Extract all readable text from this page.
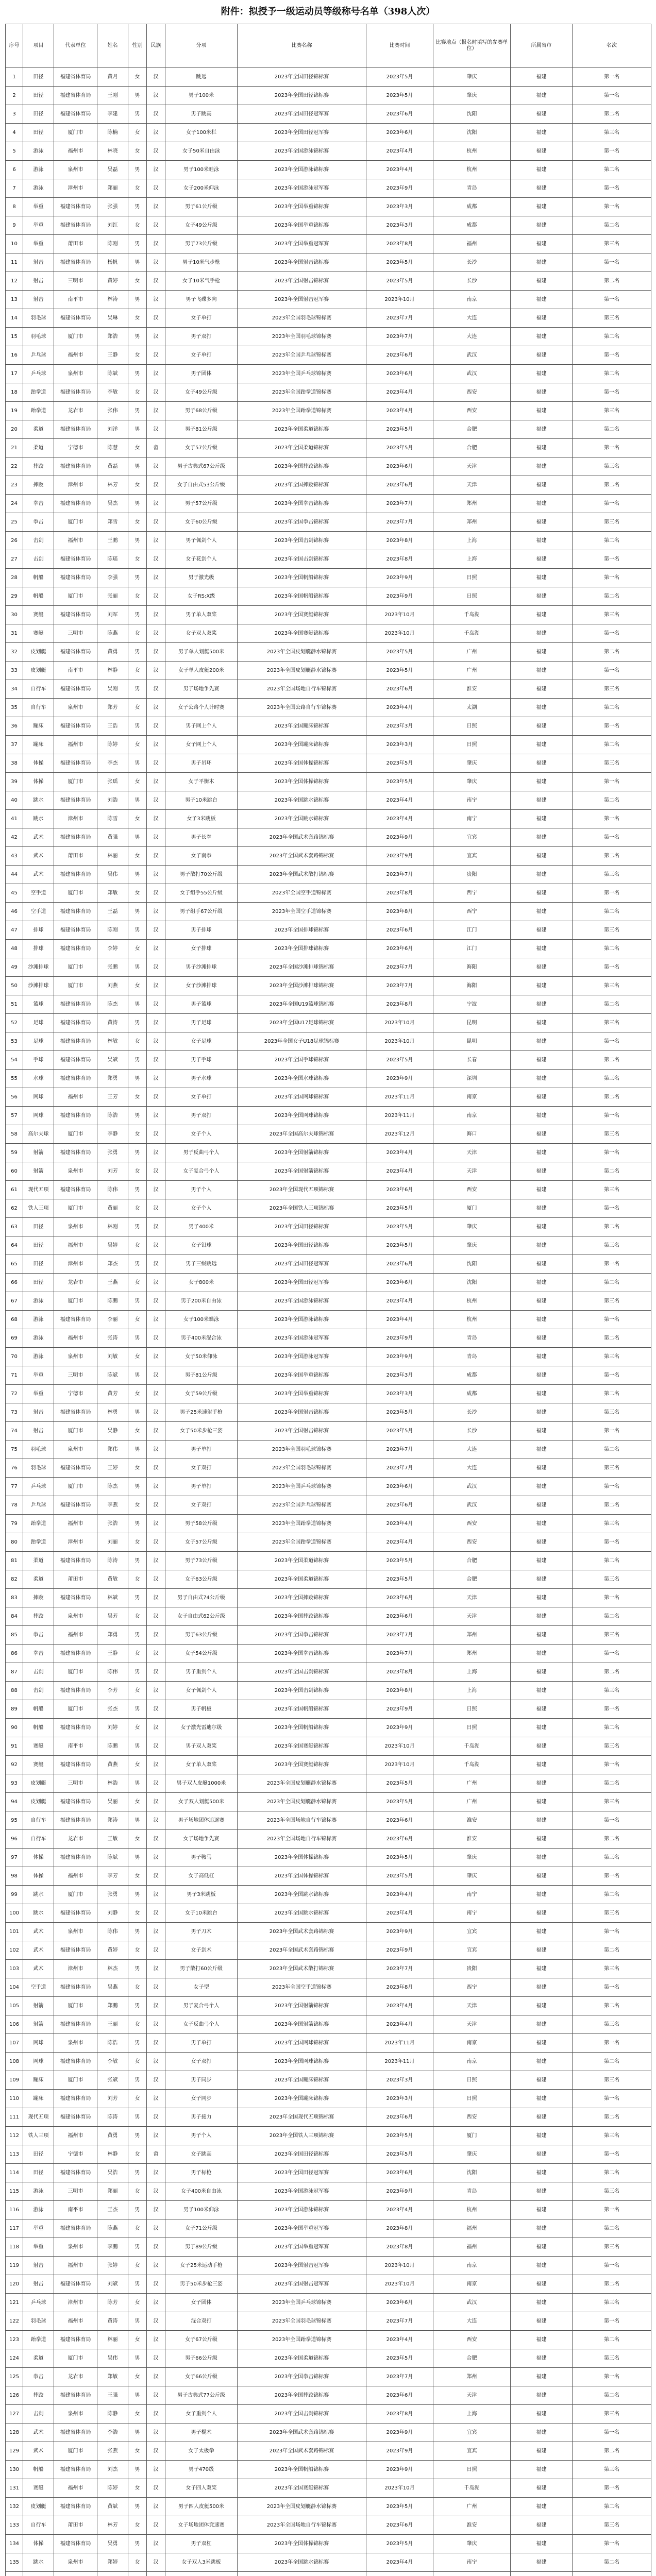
附件：拟授予一级运动员等级称号名单（398人次）
序号	项目	代表单位	姓名	性别	民族	分项	比赛名称	比赛时间	比赛地点（报名时填写的参赛单位）	所属省市	名次
1	田径	福建省体育局	黄月	女	汉	跳远	2023年全国田径锦标赛	2023年5月	肇庆	福建	第一名
2	田径	福建省体育局	王刚	男	汉	男子100米	2023年全国田径锦标赛	2023年5月	肇庆	福建	第一名
3	田径	福建省体育局	李建	男	汉	男子跳高	2023年全国田径冠军赛	2023年6月	沈阳	福建	第二名
4	田径	厦门市	陈楠	女	汉	女子100米栏	2023年全国田径冠军赛	2023年6月	沈阳	福建	第三名
5	游泳	福州市	林晓	女	汉	女子50米自由泳	2023年全国游泳锦标赛	2023年4月	杭州	福建	第一名
6	游泳	泉州市	吴磊	男	汉	男子100米蛙泳	2023年全国游泳锦标赛	2023年4月	杭州	福建	第二名
7	游泳	漳州市	郑丽	女	汉	女子200米仰泳	2023年全国游泳冠军赛	2023年9月	青岛	福建	第一名
8	举重	福建省体育局	张强	男	汉	男子61公斤级	2023年全国举重锦标赛	2023年3月	成都	福建	第一名
9	举重	福建省体育局	刘红	女	汉	女子49公斤级	2023年全国举重锦标赛	2023年3月	成都	福建	第二名
10	举重	莆田市	陈刚	男	汉	男子73公斤级	2023年全国举重冠军赛	2023年8月	福州	福建	第三名
11	射击	福建省体育局	杨帆	男	汉	男子10米气步枪	2023年全国射击锦标赛	2023年5月	长沙	福建	第一名
12	射击	三明市	黄婷	女	汉	女子10米气手枪	2023年全国射击锦标赛	2023年5月	长沙	福建	第二名
13	射击	南平市	林涛	男	汉	男子飞碟多向	2023年全国射击冠军赛	2023年10月	南京	福建	第一名
14	羽毛球	福建省体育局	吴琳	女	汉	女子单打	2023年全国羽毛球锦标赛	2023年7月	大连	福建	第三名
15	羽毛球	厦门市	郑浩	男	汉	男子双打	2023年全国羽毛球锦标赛	2023年7月	大连	福建	第二名
16	乒乓球	福州市	王静	女	汉	女子单打	2023年全国乒乓球锦标赛	2023年6月	武汉	福建	第一名
17	乒乓球	泉州市	陈斌	男	汉	男子团体	2023年全国乒乓球锦标赛	2023年6月	武汉	福建	第二名
18	跆拳道	福建省体育局	李敏	女	汉	女子49公斤级	2023年全国跆拳道锦标赛	2023年4月	西安	福建	第一名
19	跆拳道	龙岩市	张伟	男	汉	男子68公斤级	2023年全国跆拳道锦标赛	2023年4月	西安	福建	第三名
20	柔道	福建省体育局	刘洋	男	汉	男子81公斤级	2023年全国柔道锦标赛	2023年5月	合肥	福建	第二名
21	柔道	宁德市	陈慧	女	畲	女子57公斤级	2023年全国柔道锦标赛	2023年5月	合肥	福建	第一名
22	摔跤	福建省体育局	黄磊	男	汉	男子古典式67公斤级	2023年全国摔跤锦标赛	2023年6月	天津	福建	第三名
23	摔跤	漳州市	林芳	女	汉	女子自由式53公斤级	2023年全国摔跤锦标赛	2023年6月	天津	福建	第二名
24	拳击	福建省体育局	吴杰	男	汉	男子57公斤级	2023年全国拳击锦标赛	2023年7月	郑州	福建	第一名
25	拳击	厦门市	郑雪	女	汉	女子60公斤级	2023年全国拳击锦标赛	2023年7月	郑州	福建	第三名
26	击剑	福州市	王鹏	男	汉	男子佩剑个人	2023年全国击剑锦标赛	2023年8月	上海	福建	第二名
27	击剑	福建省体育局	陈瑶	女	汉	女子花剑个人	2023年全国击剑锦标赛	2023年8月	上海	福建	第一名
28	帆船	福建省体育局	李强	男	汉	男子激光级	2023年全国帆船锦标赛	2023年9月	日照	福建	第一名
29	帆船	厦门市	张丽	女	汉	女子RS:X级	2023年全国帆船锦标赛	2023年9月	日照	福建	第二名
30	赛艇	福建省体育局	刘军	男	汉	男子单人双桨	2023年全国赛艇锦标赛	2023年10月	千岛湖	福建	第三名
31	赛艇	三明市	陈燕	女	汉	女子双人双桨	2023年全国赛艇锦标赛	2023年10月	千岛湖	福建	第一名
32	皮划艇	福建省体育局	黄勇	男	汉	男子单人划艇500米	2023年全国皮划艇静水锦标赛	2023年5月	广州	福建	第二名
33	皮划艇	南平市	林静	女	汉	女子单人皮艇200米	2023年全国皮划艇静水锦标赛	2023年5月	广州	福建	第一名
34	自行车	福建省体育局	吴刚	男	汉	男子场地争先赛	2023年全国场地自行车锦标赛	2023年6月	淮安	福建	第三名
35	自行车	泉州市	郑芳	女	汉	女子公路个人计时赛	2023年全国公路自行车锦标赛	2023年4月	太湖	福建	第二名
36	蹦床	福建省体育局	王浩	男	汉	男子网上个人	2023年全国蹦床锦标赛	2023年3月	日照	福建	第一名
37	蹦床	福州市	陈婷	女	汉	女子网上个人	2023年全国蹦床锦标赛	2023年3月	日照	福建	第二名
38	体操	福建省体育局	李杰	男	汉	男子吊环	2023年全国体操锦标赛	2023年5月	肇庆	福建	第三名
39	体操	厦门市	张瑶	女	汉	女子平衡木	2023年全国体操锦标赛	2023年5月	肇庆	福建	第一名
40	跳水	福建省体育局	刘浩	男	汉	男子10米跳台	2023年全国跳水锦标赛	2023年4月	南宁	福建	第二名
41	跳水	漳州市	陈雪	女	汉	女子3米跳板	2023年全国跳水锦标赛	2023年4月	南宁	福建	第一名
42	武术	福建省体育局	黄强	男	汉	男子长拳	2023年全国武术套路锦标赛	2023年9月	宜宾	福建	第一名
43	武术	莆田市	林丽	女	汉	女子南拳	2023年全国武术套路锦标赛	2023年9月	宜宾	福建	第二名
44	武术	福建省体育局	吴伟	男	汉	男子散打70公斤级	2023年全国武术散打锦标赛	2023年7月	贵阳	福建	第三名
45	空手道	厦门市	郑敏	女	汉	女子组手55公斤级	2023年全国空手道锦标赛	2023年8月	西宁	福建	第一名
46	空手道	福建省体育局	王磊	男	汉	男子组手67公斤级	2023年全国空手道锦标赛	2023年8月	西宁	福建	第二名
47	排球	福建省体育局	陈刚	男	汉	男子排球	2023年全国排球锦标赛	2023年6月	江门	福建	第三名
48	排球	福建省体育局	李婷	女	汉	女子排球	2023年全国排球锦标赛	2023年6月	江门	福建	第二名
49	沙滩排球	厦门市	张鹏	男	汉	男子沙滩排球	2023年全国沙滩排球锦标赛	2023年7月	海阳	福建	第一名
50	沙滩排球	厦门市	刘燕	女	汉	女子沙滩排球	2023年全国沙滩排球锦标赛	2023年7月	海阳	福建	第三名
51	篮球	福建省体育局	陈杰	男	汉	男子篮球	2023年全国U19篮球锦标赛	2023年8月	宁波	福建	第二名
52	足球	福建省体育局	黄涛	男	汉	男子足球	2023年全国U17足球锦标赛	2023年10月	昆明	福建	第三名
53	足球	福建省体育局	林敏	女	汉	女子足球	2023年全国女子U18足球锦标赛	2023年10月	昆明	福建	第一名
54	手球	福建省体育局	吴斌	男	汉	男子手球	2023年全国手球锦标赛	2023年5月	长春	福建	第二名
55	水球	福建省体育局	郑勇	男	汉	男子水球	2023年全国水球锦标赛	2023年9月	深圳	福建	第三名
56	网球	福州市	王芳	女	汉	女子单打	2023年全国网球锦标赛	2023年11月	南京	福建	第二名
57	网球	福建省体育局	陈浩	男	汉	男子双打	2023年全国网球锦标赛	2023年11月	南京	福建	第一名
58	高尔夫球	厦门市	李静	女	汉	女子个人	2023年全国高尔夫球锦标赛	2023年12月	海口	福建	第三名
59	射箭	福建省体育局	张勇	男	汉	男子反曲弓个人	2023年全国射箭锦标赛	2023年4月	天津	福建	第一名
60	射箭	泉州市	刘芳	女	汉	女子复合弓个人	2023年全国射箭锦标赛	2023年4月	天津	福建	第二名
61	现代五项	福建省体育局	陈伟	男	汉	男子个人	2023年全国现代五项锦标赛	2023年6月	西安	福建	第三名
62	铁人三项	厦门市	黄丽	女	汉	女子个人	2023年全国铁人三项锦标赛	2023年5月	厦门	福建	第一名
63	田径	泉州市	林刚	男	汉	男子400米	2023年全国田径锦标赛	2023年5月	肇庆	福建	第二名
64	田径	福州市	吴婷	女	汉	女子铅球	2023年全国田径锦标赛	2023年5月	肇庆	福建	第三名
65	田径	漳州市	郑杰	男	汉	男子三级跳远	2023年全国田径冠军赛	2023年6月	沈阳	福建	第一名
66	田径	龙岩市	王燕	女	汉	女子800米	2023年全国田径冠军赛	2023年6月	沈阳	福建	第二名
67	游泳	厦门市	陈鹏	男	汉	男子200米自由泳	2023年全国游泳锦标赛	2023年4月	杭州	福建	第三名
68	游泳	福建省体育局	李丽	女	汉	女子100米蝶泳	2023年全国游泳锦标赛	2023年4月	杭州	福建	第一名
69	游泳	福州市	张涛	男	汉	男子400米混合泳	2023年全国游泳冠军赛	2023年9月	青岛	福建	第二名
70	游泳	泉州市	刘敏	女	汉	女子50米仰泳	2023年全国游泳冠军赛	2023年9月	青岛	福建	第三名
71	举重	三明市	陈斌	男	汉	男子81公斤级	2023年全国举重锦标赛	2023年3月	成都	福建	第一名
72	举重	宁德市	黄芳	女	汉	女子59公斤级	2023年全国举重锦标赛	2023年3月	成都	福建	第二名
73	射击	福建省体育局	林勇	男	汉	男子25米速射手枪	2023年全国射击锦标赛	2023年5月	长沙	福建	第三名
74	射击	厦门市	吴静	女	汉	女子50米步枪三姿	2023年全国射击锦标赛	2023年5月	长沙	福建	第一名
75	羽毛球	泉州市	郑伟	男	汉	男子单打	2023年全国羽毛球锦标赛	2023年7月	大连	福建	第二名
76	羽毛球	福建省体育局	王婷	女	汉	女子双打	2023年全国羽毛球锦标赛	2023年7月	大连	福建	第三名
77	乒乓球	厦门市	陈杰	男	汉	男子单打	2023年全国乒乓球锦标赛	2023年6月	武汉	福建	第一名
78	乒乓球	福建省体育局	李燕	女	汉	女子双打	2023年全国乒乓球锦标赛	2023年6月	武汉	福建	第二名
79	跆拳道	福州市	张浩	男	汉	男子58公斤级	2023年全国跆拳道锦标赛	2023年4月	西安	福建	第三名
80	跆拳道	漳州市	刘丽	女	汉	女子57公斤级	2023年全国跆拳道锦标赛	2023年4月	西安	福建	第一名
81	柔道	福建省体育局	陈涛	男	汉	男子73公斤级	2023年全国柔道锦标赛	2023年5月	合肥	福建	第二名
82	柔道	莆田市	黄敏	女	汉	女子63公斤级	2023年全国柔道锦标赛	2023年5月	合肥	福建	第三名
83	摔跤	福建省体育局	林斌	男	汉	男子自由式74公斤级	2023年全国摔跤锦标赛	2023年6月	天津	福建	第一名
84	摔跤	泉州市	吴芳	女	汉	女子自由式62公斤级	2023年全国摔跤锦标赛	2023年6月	天津	福建	第二名
85	拳击	福州市	郑勇	男	汉	男子63公斤级	2023年全国拳击锦标赛	2023年7月	郑州	福建	第三名
86	拳击	福建省体育局	王静	女	汉	女子54公斤级	2023年全国拳击锦标赛	2023年7月	郑州	福建	第一名
87	击剑	厦门市	陈伟	男	汉	男子重剑个人	2023年全国击剑锦标赛	2023年8月	上海	福建	第二名
88	击剑	福建省体育局	李芳	女	汉	女子佩剑个人	2023年全国击剑锦标赛	2023年8月	上海	福建	第三名
89	帆船	厦门市	张杰	男	汉	男子帆板	2023年全国帆船锦标赛	2023年9月	日照	福建	第一名
90	帆船	福建省体育局	刘婷	女	汉	女子激光雷迪尔级	2023年全国帆船锦标赛	2023年9月	日照	福建	第二名
91	赛艇	南平市	陈鹏	男	汉	男子双人双桨	2023年全国赛艇锦标赛	2023年10月	千岛湖	福建	第三名
92	赛艇	福建省体育局	黄燕	女	汉	女子单人双桨	2023年全国赛艇锦标赛	2023年10月	千岛湖	福建	第一名
93	皮划艇	三明市	林浩	男	汉	男子双人皮艇1000米	2023年全国皮划艇静水锦标赛	2023年5月	广州	福建	第二名
94	皮划艇	福建省体育局	吴丽	女	汉	女子双人划艇500米	2023年全国皮划艇静水锦标赛	2023年5月	广州	福建	第三名
95	自行车	福建省体育局	郑涛	男	汉	男子场地团体追逐赛	2023年全国场地自行车锦标赛	2023年6月	淮安	福建	第一名
96	自行车	龙岩市	王敏	女	汉	女子场地争先赛	2023年全国场地自行车锦标赛	2023年6月	淮安	福建	第二名
97	体操	福建省体育局	陈斌	男	汉	男子鞍马	2023年全国体操锦标赛	2023年5月	肇庆	福建	第三名
98	体操	福州市	李芳	女	汉	女子高低杠	2023年全国体操锦标赛	2023年5月	肇庆	福建	第一名
99	跳水	厦门市	张勇	男	汉	男子3米跳板	2023年全国跳水锦标赛	2023年4月	南宁	福建	第二名
100	跳水	福建省体育局	刘静	女	汉	女子10米跳台	2023年全国跳水锦标赛	2023年4月	南宁	福建	第三名
101	武术	泉州市	陈伟	男	汉	男子刀术	2023年全国武术套路锦标赛	2023年9月	宜宾	福建	第一名
102	武术	福建省体育局	黄婷	女	汉	女子剑术	2023年全国武术套路锦标赛	2023年9月	宜宾	福建	第二名
103	武术	漳州市	林杰	男	汉	男子散打60公斤级	2023年全国武术散打锦标赛	2023年7月	贵阳	福建	第三名
104	空手道	福建省体育局	吴燕	女	汉	女子型	2023年全国空手道锦标赛	2023年8月	西宁	福建	第一名
105	射箭	厦门市	郑鹏	男	汉	男子复合弓个人	2023年全国射箭锦标赛	2023年4月	天津	福建	第二名
106	射箭	福建省体育局	王丽	女	汉	女子反曲弓个人	2023年全国射箭锦标赛	2023年4月	天津	福建	第三名
107	网球	泉州市	陈浩	男	汉	男子单打	2023年全国网球锦标赛	2023年11月	南京	福建	第一名
108	网球	福建省体育局	李敏	女	汉	女子双打	2023年全国网球锦标赛	2023年11月	南京	福建	第二名
109	蹦床	厦门市	张斌	男	汉	男子同步	2023年全国蹦床锦标赛	2023年3月	日照	福建	第三名
110	蹦床	福建省体育局	刘芳	女	汉	女子同步	2023年全国蹦床锦标赛	2023年3月	日照	福建	第一名
111	现代五项	福建省体育局	陈涛	男	汉	男子接力	2023年全国现代五项锦标赛	2023年6月	西安	福建	第二名
112	铁人三项	福州市	黄勇	男	汉	男子个人	2023年全国铁人三项锦标赛	2023年5月	厦门	福建	第三名
113	田径	宁德市	林静	女	畲	女子跳高	2023年全国田径锦标赛	2023年5月	肇庆	福建	第一名
114	田径	福建省体育局	吴浩	男	汉	男子标枪	2023年全国田径冠军赛	2023年6月	沈阳	福建	第二名
115	游泳	三明市	郑丽	女	汉	女子400米自由泳	2023年全国游泳冠军赛	2023年9月	青岛	福建	第三名
116	游泳	南平市	王杰	男	汉	男子100米仰泳	2023年全国游泳锦标赛	2023年4月	杭州	福建	第一名
117	举重	福建省体育局	陈燕	女	汉	女子71公斤级	2023年全国举重冠军赛	2023年8月	福州	福建	第二名
118	举重	泉州市	李鹏	男	汉	男子89公斤级	2023年全国举重冠军赛	2023年8月	福州	福建	第三名
119	射击	福州市	张婷	女	汉	女子25米运动手枪	2023年全国射击冠军赛	2023年10月	南京	福建	第一名
120	射击	福建省体育局	刘斌	男	汉	男子50米步枪三姿	2023年全国射击冠军赛	2023年10月	南京	福建	第二名
121	乒乓球	漳州市	陈芳	女	汉	女子团体	2023年全国乒乓球锦标赛	2023年6月	武汉	福建	第三名
122	羽毛球	福州市	黄涛	男	汉	混合双打	2023年全国羽毛球锦标赛	2023年7月	大连	福建	第一名
123	跆拳道	福建省体育局	林丽	女	汉	女子67公斤级	2023年全国跆拳道锦标赛	2023年4月	西安	福建	第二名
124	柔道	厦门市	吴伟	男	汉	男子66公斤级	2023年全国柔道锦标赛	2023年5月	合肥	福建	第三名
125	拳击	龙岩市	郑敏	女	汉	女子66公斤级	2023年全国拳击锦标赛	2023年7月	郑州	福建	第一名
126	摔跤	福建省体育局	王强	男	汉	男子古典式77公斤级	2023年全国摔跤锦标赛	2023年6月	天津	福建	第二名
127	击剑	泉州市	陈静	女	汉	女子重剑个人	2023年全国击剑锦标赛	2023年8月	上海	福建	第三名
128	武术	福建省体育局	李浩	男	汉	男子棍术	2023年全国武术套路锦标赛	2023年9月	宜宾	福建	第一名
129	武术	厦门市	张燕	女	汉	女子太极拳	2023年全国武术套路锦标赛	2023年9月	宜宾	福建	第二名
130	帆船	福建省体育局	刘杰	男	汉	男子470级	2023年全国帆船锦标赛	2023年9月	日照	福建	第三名
131	赛艇	福州市	陈婷	女	汉	女子四人双桨	2023年全国赛艇锦标赛	2023年10月	千岛湖	福建	第一名
132	皮划艇	福建省体育局	黄斌	男	汉	男子四人皮艇500米	2023年全国皮划艇静水锦标赛	2023年5月	广州	福建	第二名
133	自行车	莆田市	林芳	女	汉	女子场地团体竞速赛	2023年全国场地自行车锦标赛	2023年6月	淮安	福建	第三名
134	体操	福建省体育局	吴勇	男	汉	男子双杠	2023年全国体操锦标赛	2023年5月	肇庆	福建	第一名
135	跳水	泉州市	郑婷	女	汉	女子双人3米跳板	2023年全国跳水锦标赛	2023年4月	南宁	福建	第二名
